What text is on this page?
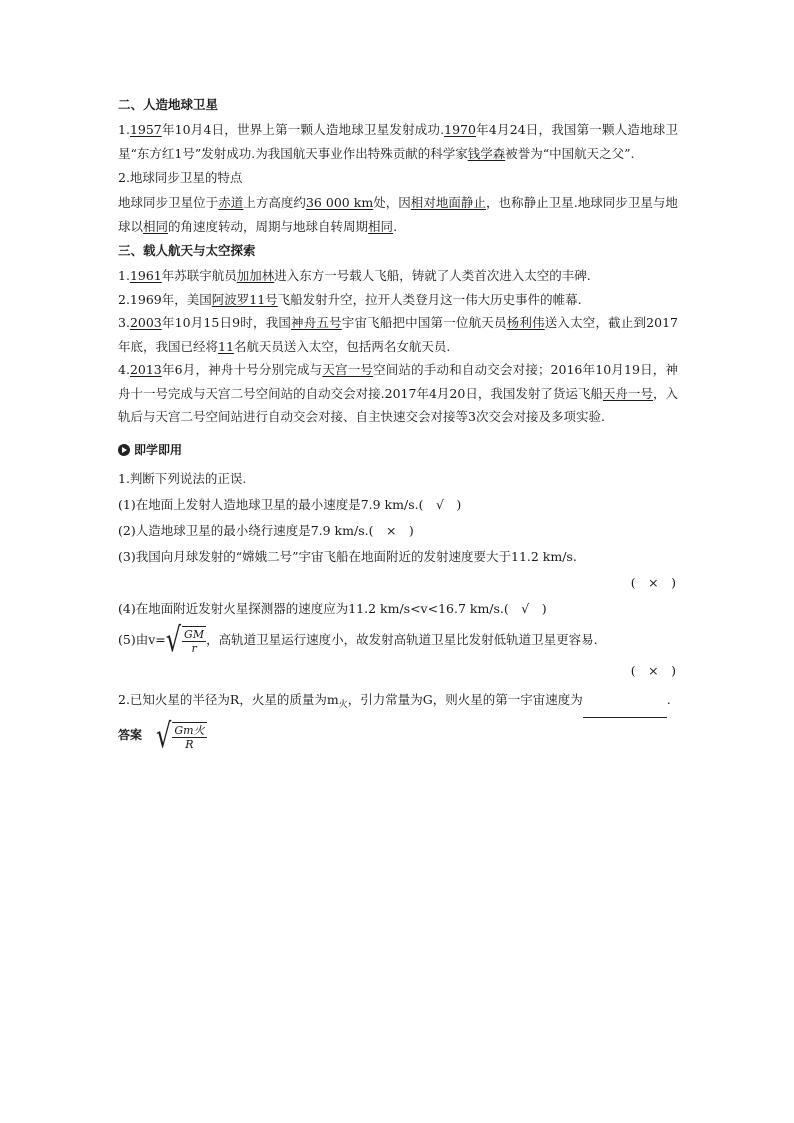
二、人造地球卫星
1.1957年10月4日，世界上第一颗人造地球卫星发射成功.1970年4月24日，我国第一颗人造地球卫星“东方红1号”发射成功.为我国航天事业作出特殊贡献的科学家钱学森被誉为“中国航天之父”.
2.地球同步卫星的特点
地球同步卫星位于赤道上方高度约36 000 km处，因相对地面静止，也称静止卫星.地球同步卫星与地球以相同的角速度转动，周期与地球自转周期相同.
三、载人航天与太空探索
1.1961年苏联宇航员加加林进入东方一号载人飞船，铸就了人类首次进入太空的丰碑.
2.1969年，美国阿波罗11号飞船发射升空，拉开人类登月这一伟大历史事件的帷幕.
3.2003年10月15日9时，我国神舟五号宇宙飞船把中国第一位航天员杨利伟送入太空，截止到2017年底，我国已经将11名航天员送入太空，包括两名女航天员.
4.2013年6月，神舟十号分别完成与天宫一号空间站的手动和自动交会对接；2016年10月19日，神舟十一号完成与天宫二号空间站的自动交会对接.2017年4月20日，我国发射了货运飞船天舟一号，入轨后与天宫二号空间站进行自动交会对接、自主快速交会对接等3次交会对接及多项实验.
即学即用
1.判断下列说法的正误.
(1)在地面上发射人造地球卫星的最小速度是7.9 km/s.(　√　)
(2)人造地球卫星的最小绕行速度是7.9 km/s.(　×　)
(3)我国向月球发射的“嫦娥二号”宇宙飞船在地面附近的发射速度要大于11.2 km/s.
(　×　)
(4)在地面附近发射火星探测器的速度应为11.2 km/s<v<16.7 km/s.(　√　)
(5)由v= √ $\frac{GM}{r}$ ，高轨道卫星运行速度小，故发射高轨道卫星比发射低轨道卫星更容易.
(　×　)
2.已知火星的半径为R，火星的质量为$m_火$，引力常量为G，则火星的第一宇宙速度为	.
答案 √ $\frac{\text{Gm火}}{R}$
